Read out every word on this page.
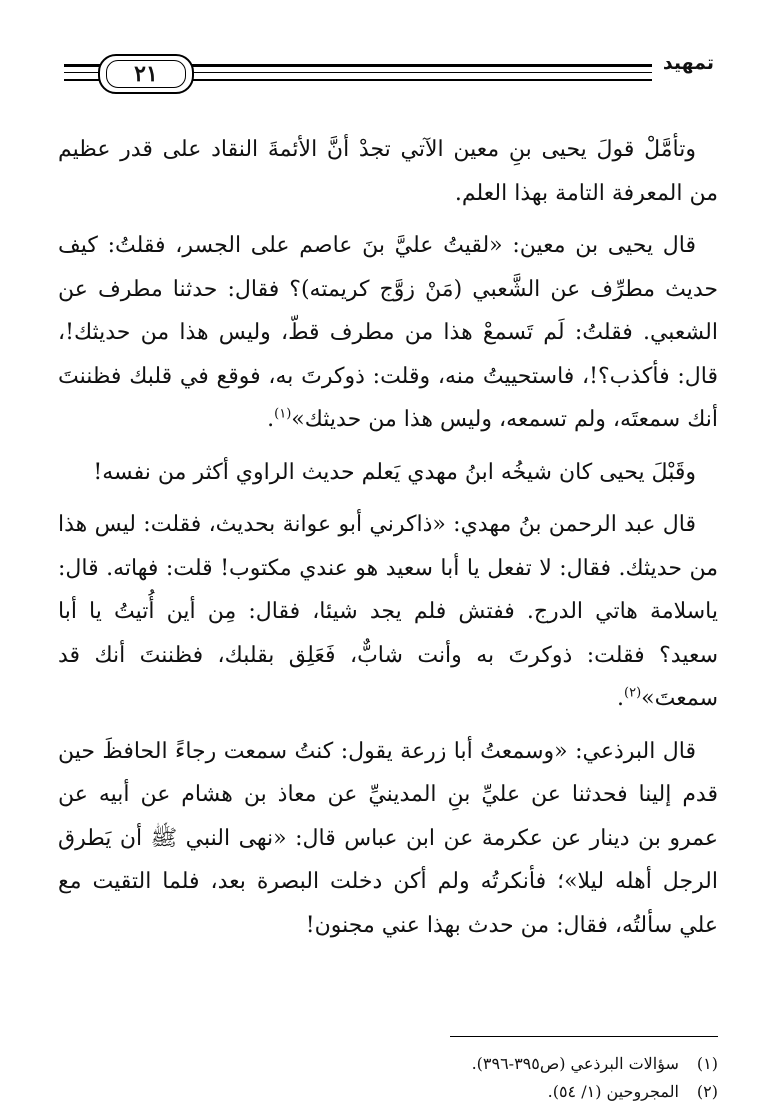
٢١	تمهيد

وتأمَّلْ قولَ يحيى بنِ معين الآتي تجدْ أنَّ الأئمةَ النقاد على قدر عظيم من المعرفة التامة بهذا العلم.

قال يحيى بن معين: «لقيتُ عليَّ بنَ عاصم على الجسر، فقلتُ: كيف حديث مطرِّف عن الشَّعبي (مَنْ زوَّج كريمته)؟ فقال: حدثنا مطرف عن الشعبي. فقلتُ: لَم تَسمعْ هذا من مطرف قطّ، وليس هذا من حديثك!، قال: فأكذب؟!، فاستحييتُ منه، وقلت: ذوكرتَ به، فوقع في قلبك فظننتَ أنك سمعتَه، ولم تسمعه، وليس هذا من حديثك»$^{(١)}$.

وقَبْلَ يحيى كان شيخُه ابنُ مهدي يَعلم حديث الراوي أكثر من نفسه!

قال عبد الرحمن بنُ مهدي: «ذاكرني أبو عوانة بحديث، فقلت: ليس هذا من حديثك. فقال: لا تفعل يا أبا سعيد هو عندي مكتوب! قلت: فهاته. قال: ياسلامة هاتي الدرج. ففتش فلم يجد شيئا، فقال: مِن أين أُتيتُ يا أبا سعيد؟ فقلت: ذوكرتَ به وأنت شابٌّ، فَعَلِق بقلبك، فظننتَ أنك قد سمعتَ»$^{(٢)}$.

قال البرذعي: «وسمعتُ أبا زرعة يقول: كنتُ سمعت رجاءً الحافظَ حين قدم إلينا فحدثنا عن عليِّ بنِ المدينيِّ عن معاذ بن هشام عن أبيه عن عمرو بن دينار عن عكرمة عن ابن عباس قال: «نهى النبي ﷺ أن يَطرق الرجل أهله ليلا»؛ فأنكرتُه ولم أكن دخلت البصرة بعد، فلما التقيت مع علي سألتُه، فقال: من حدث بهذا عني مجنون!

(١) سؤالات البرذعي (ص٣٩٥-٣٩٦).
(٢) المجروحين (١/ ٥٤).
